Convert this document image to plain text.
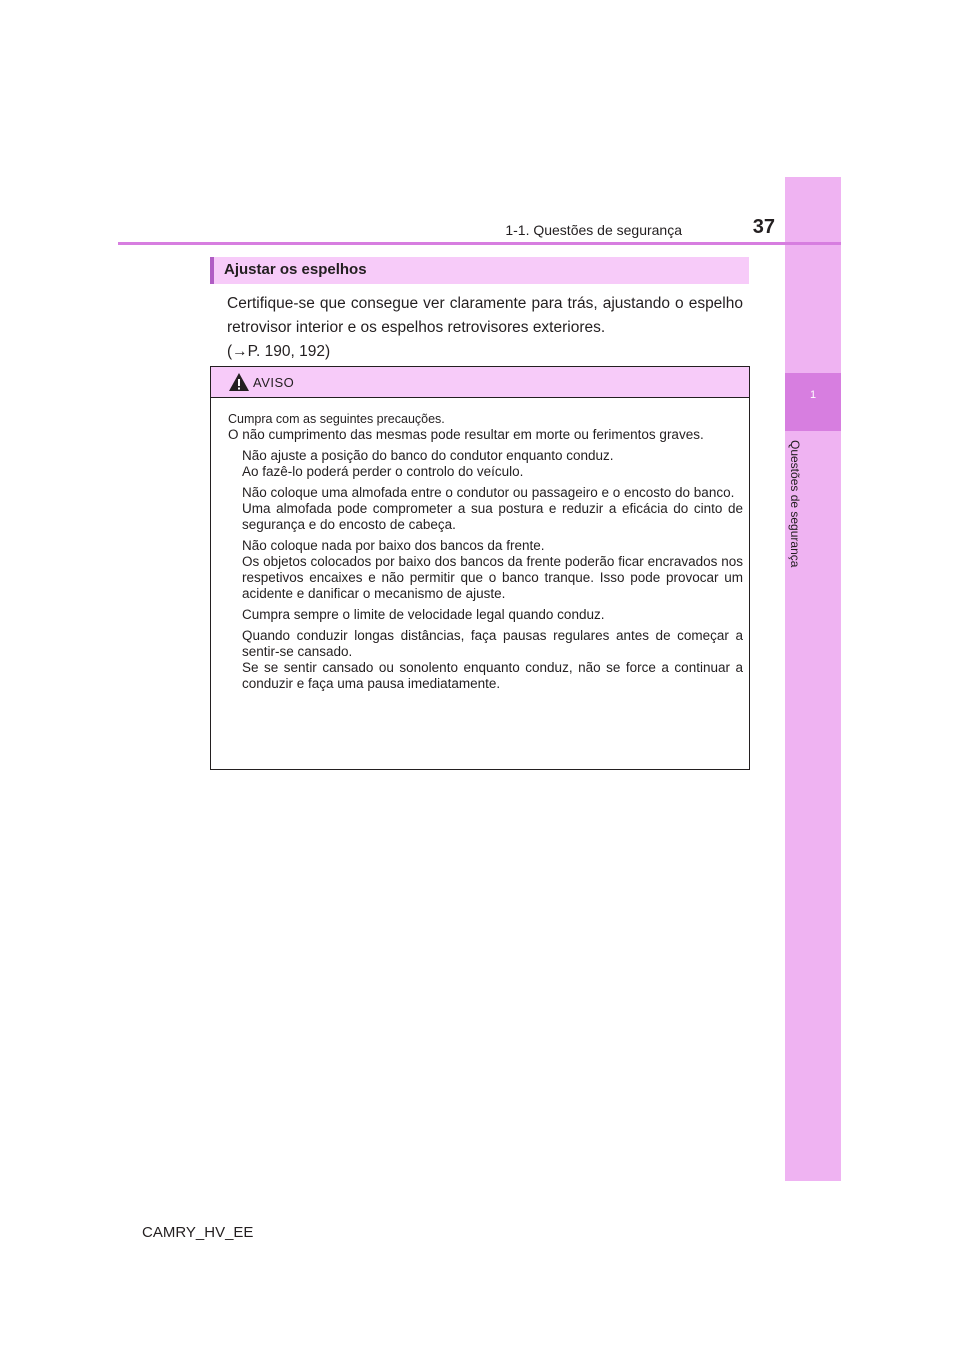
1
Questões de segurança
1-1. Questões de segurança	37
Ajustar os espelhos
Certifique-se que consegue ver claramente para trás, ajustando o espelho retrovisor interior e os espelhos retrovisores exteriores.
(→P. 190, 192)
AVISO

Cumpra com as seguintes precauções.

O não cumprimento das mesmas pode resultar em morte ou ferimentos graves.

Não ajuste a posição do banco do condutor enquanto conduz.
Ao fazê-lo poderá perder o controlo do veículo.
Não coloque uma almofada entre o condutor ou passageiro e o encosto do banco.
Uma almofada pode comprometer a sua postura e reduzir a eficácia do cinto de segurança e do encosto de cabeça.
Não coloque nada por baixo dos bancos da frente.
Os objetos colocados por baixo dos bancos da frente poderão ficar encravados nos respetivos encaixes e não permitir que o banco tranque. Isso pode provocar um acidente e danificar o mecanismo de ajuste.
Cumpra sempre o limite de velocidade legal quando conduz.
Quando conduzir longas distâncias, faça pausas regulares antes de começar a sentir-se cansado.
Se se sentir cansado ou sonolento enquanto conduz, não se force a continuar a conduzir e faça uma pausa imediatamente.
CAMRY_HV_EE
